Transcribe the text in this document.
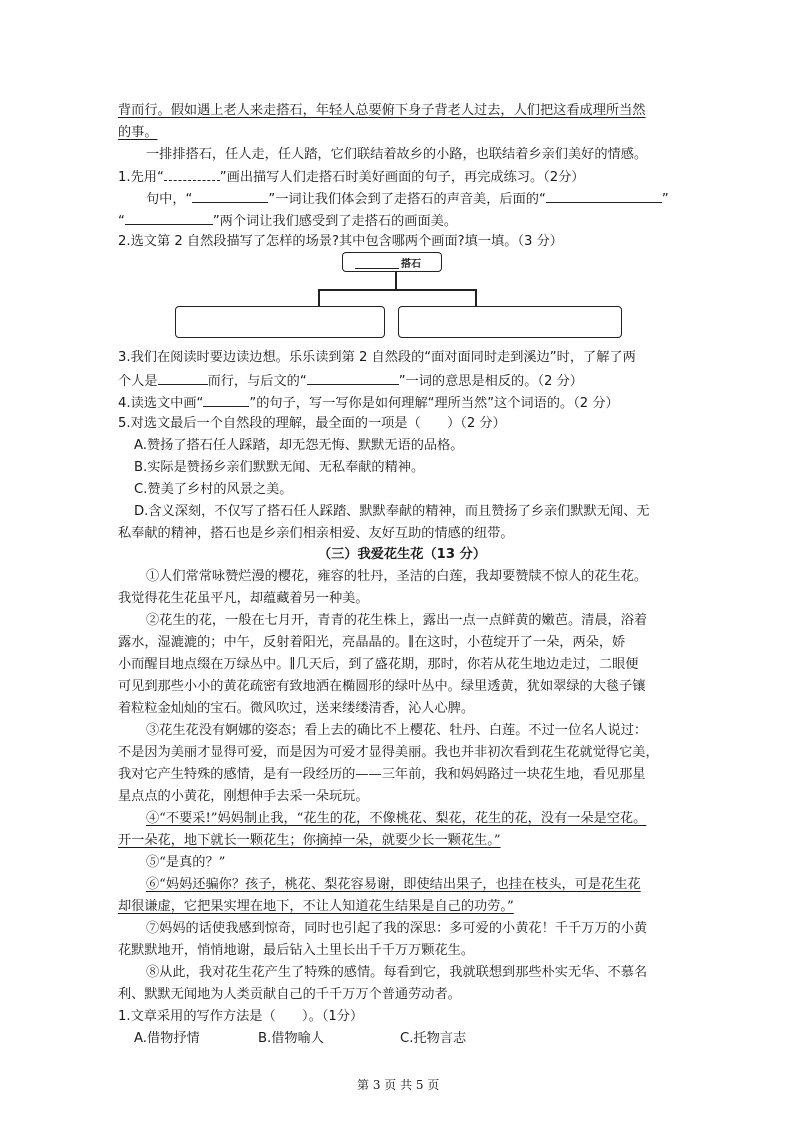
背而行。假如遇上老人来走搭石，年轻人总要俯下身子背老人过去，人们把这看成理所当然
的事。
一排排搭石，任人走，任人踏，它们联结着故乡的小路，也联结着乡亲们美好的情感。
1.先用“	”画出描写人们走搭石时美好画面的句子，再完成练习。（2分）
句中，“	”一词让我们体会到了走搭石的声音美，后面的“	”
“	”两个词让我们感受到了走搭石的画面美。
2.选文第 2 自然段描写了怎样的场景?其中包含哪两个画面?填一填。（3 分）
搭石
3.我们在阅读时要边读边想。乐乐读到第 2 自然段的“面对面同时走到溪边”时，了解了两
个人是	而行，与后文的“	”一词的意思是相反的。（2 分）
4.读选文中画“	”的句子，写一写你是如何理解“理所当然”这个词语的。（2 分）
5.对选文最后一个自然段的理解，最全面的一项是（　　）（2 分）
A.赞扬了搭石任人踩踏，却无怨无悔、默默无语的品格。
B.实际是赞扬乡亲们默默无闻、无私奉献的精神。
C.赞美了乡村的风景之美。
D.含义深刻，不仅写了搭石任人踩踏、默默奉献的精神，而且赞扬了乡亲们默默无闻、无
私奉献的精神，搭石也是乡亲们相亲相爱、友好互助的情感的纽带。
（三）我爱花生花（13 分）
①人们常常咏赞烂漫的樱花，雍容的牡丹，圣洁的白莲，我却要赞牍不惊人的花生花。
我觉得花生花虽平凡，却蕴藏着另一种美。
②花生的花，一般在七月开，青青的花生株上，露出一点一点鲜黄的嫩芭。清晨，浴着
露水，湿漉漉的；中午，反射着阳光，亮晶晶的。∥在这时，小苞绽开了一朵，两朵，娇
小而醒目地点缀在万绿丛中。∥几天后，到了盛花期，那时，你若从花生地边走过，二眼便
可见到那些小小的黄花疏密有致地洒在椭圆形的绿叶丛中。绿里透黄，犹如翠绿的大毯子镶
着粒粒金灿灿的宝石。微风吹过，送来缕缕清香，沁人心脾。
③花生花没有婀娜的姿态；看上去的确比不上樱花、牡丹、白莲。不过一位名人说过：
不是因为美丽才显得可爱，而是因为可爱才显得美丽。我也并非初次看到花生花就觉得它美，
我对它产生特殊的感情，是有一段经历的——三年前，我和妈妈路过一块花生地，看见那星
星点点的小黄花，刚想伸手去采一朵玩玩。
④“不要采!”妈妈制止我，“花生的花，不像桃花、梨花，花生的花，没有一朵是空花。
开一朵花，地下就长一颗花生；你摘掉一朵，就要少长一颗花生。”
⑤“是真的？”
⑥“妈妈还骗你？孩子，桃花、梨花容易谢，即使结出果子，也挂在枝头，可是花生花
却很谦虚，它把果实埋在地下，不让人知道花生结果是自己的功劳。”
⑦妈妈的话使我感到惊奇，同时也引起了我的深思：多可爱的小黄花！千千万万的小黄
花默默地开，悄悄地谢，最后钻入土里长出千千万万颗花生。
⑧从此，我对花生花产生了特殊的感情。每看到它，我就联想到那些朴实无华、不慕名
利、默默无闻地为人类贡献自己的千千万万个普通劳动者。
1.文章采用的写作方法是（　　）。（1分）
A.借物抒情	B.借物喻人	C.托物言志
第 3 页 共 5 页
